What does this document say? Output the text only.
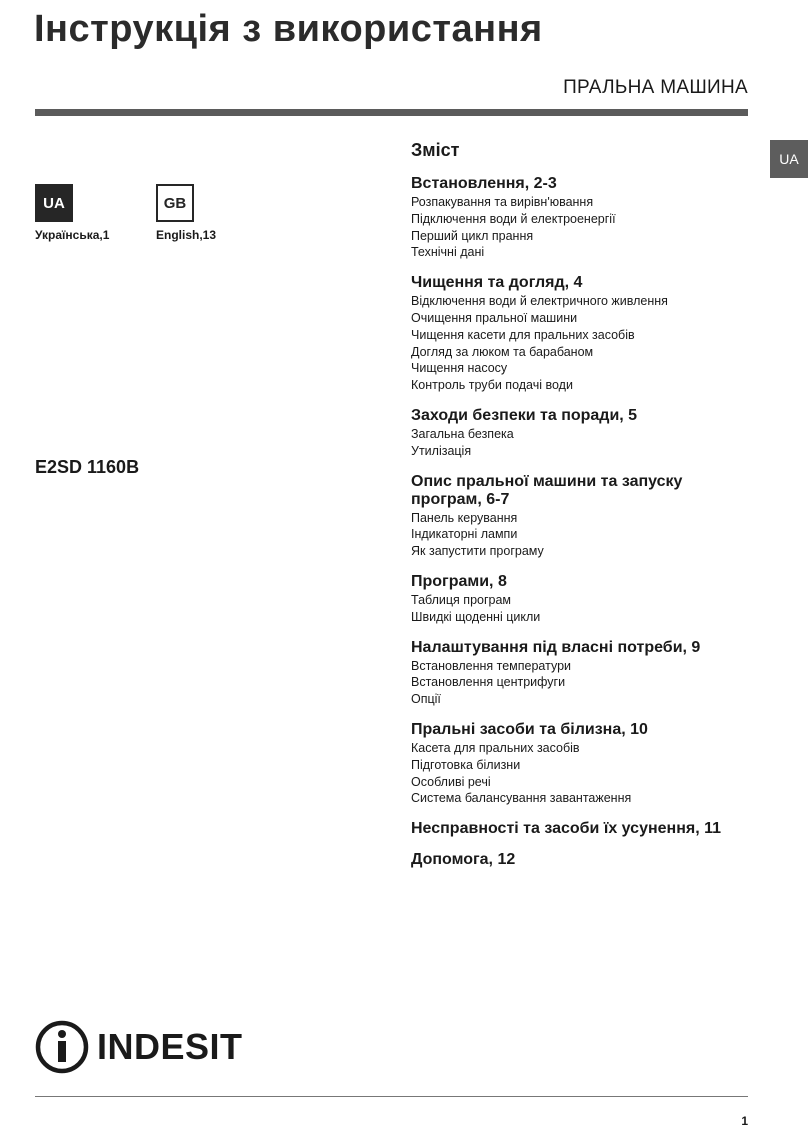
Інструкція з використання
ПРАЛЬНА МАШИНА
UA
UA
Українська,1
GB
English,13
E2SD 1160B
Зміст
Встановлення, 2-3
Розпакування та вирівн'ювання
Підключення води й електроенергії
Перший цикл прання
Технічні дані
Чищення та догляд, 4
Відключення води й електричного живлення
Очищення пральної машини
Чищення касети для пральних засобів
Догляд за люком та барабаном
Чищення насосу
Контроль труби подачі води
Заходи безпеки та поради, 5
Загальна безпека
Утилізація
Опис пральної машини та запуску програм, 6-7
Панель керування
Індикаторні лампи
Як запустити програму
Програми, 8
Таблиця програм
Швидкі щоденні цикли
Налаштування під власні потреби, 9
Встановлення температури
Встановлення центрифуги
Опції
Пральні засоби та білизна, 10
Касета для пральних засобів
Підготовка білизни
Особливі речі
Система балансування завантаження
Несправності та засоби їх усунення, 11
Допомога, 12
INDESIT
1
